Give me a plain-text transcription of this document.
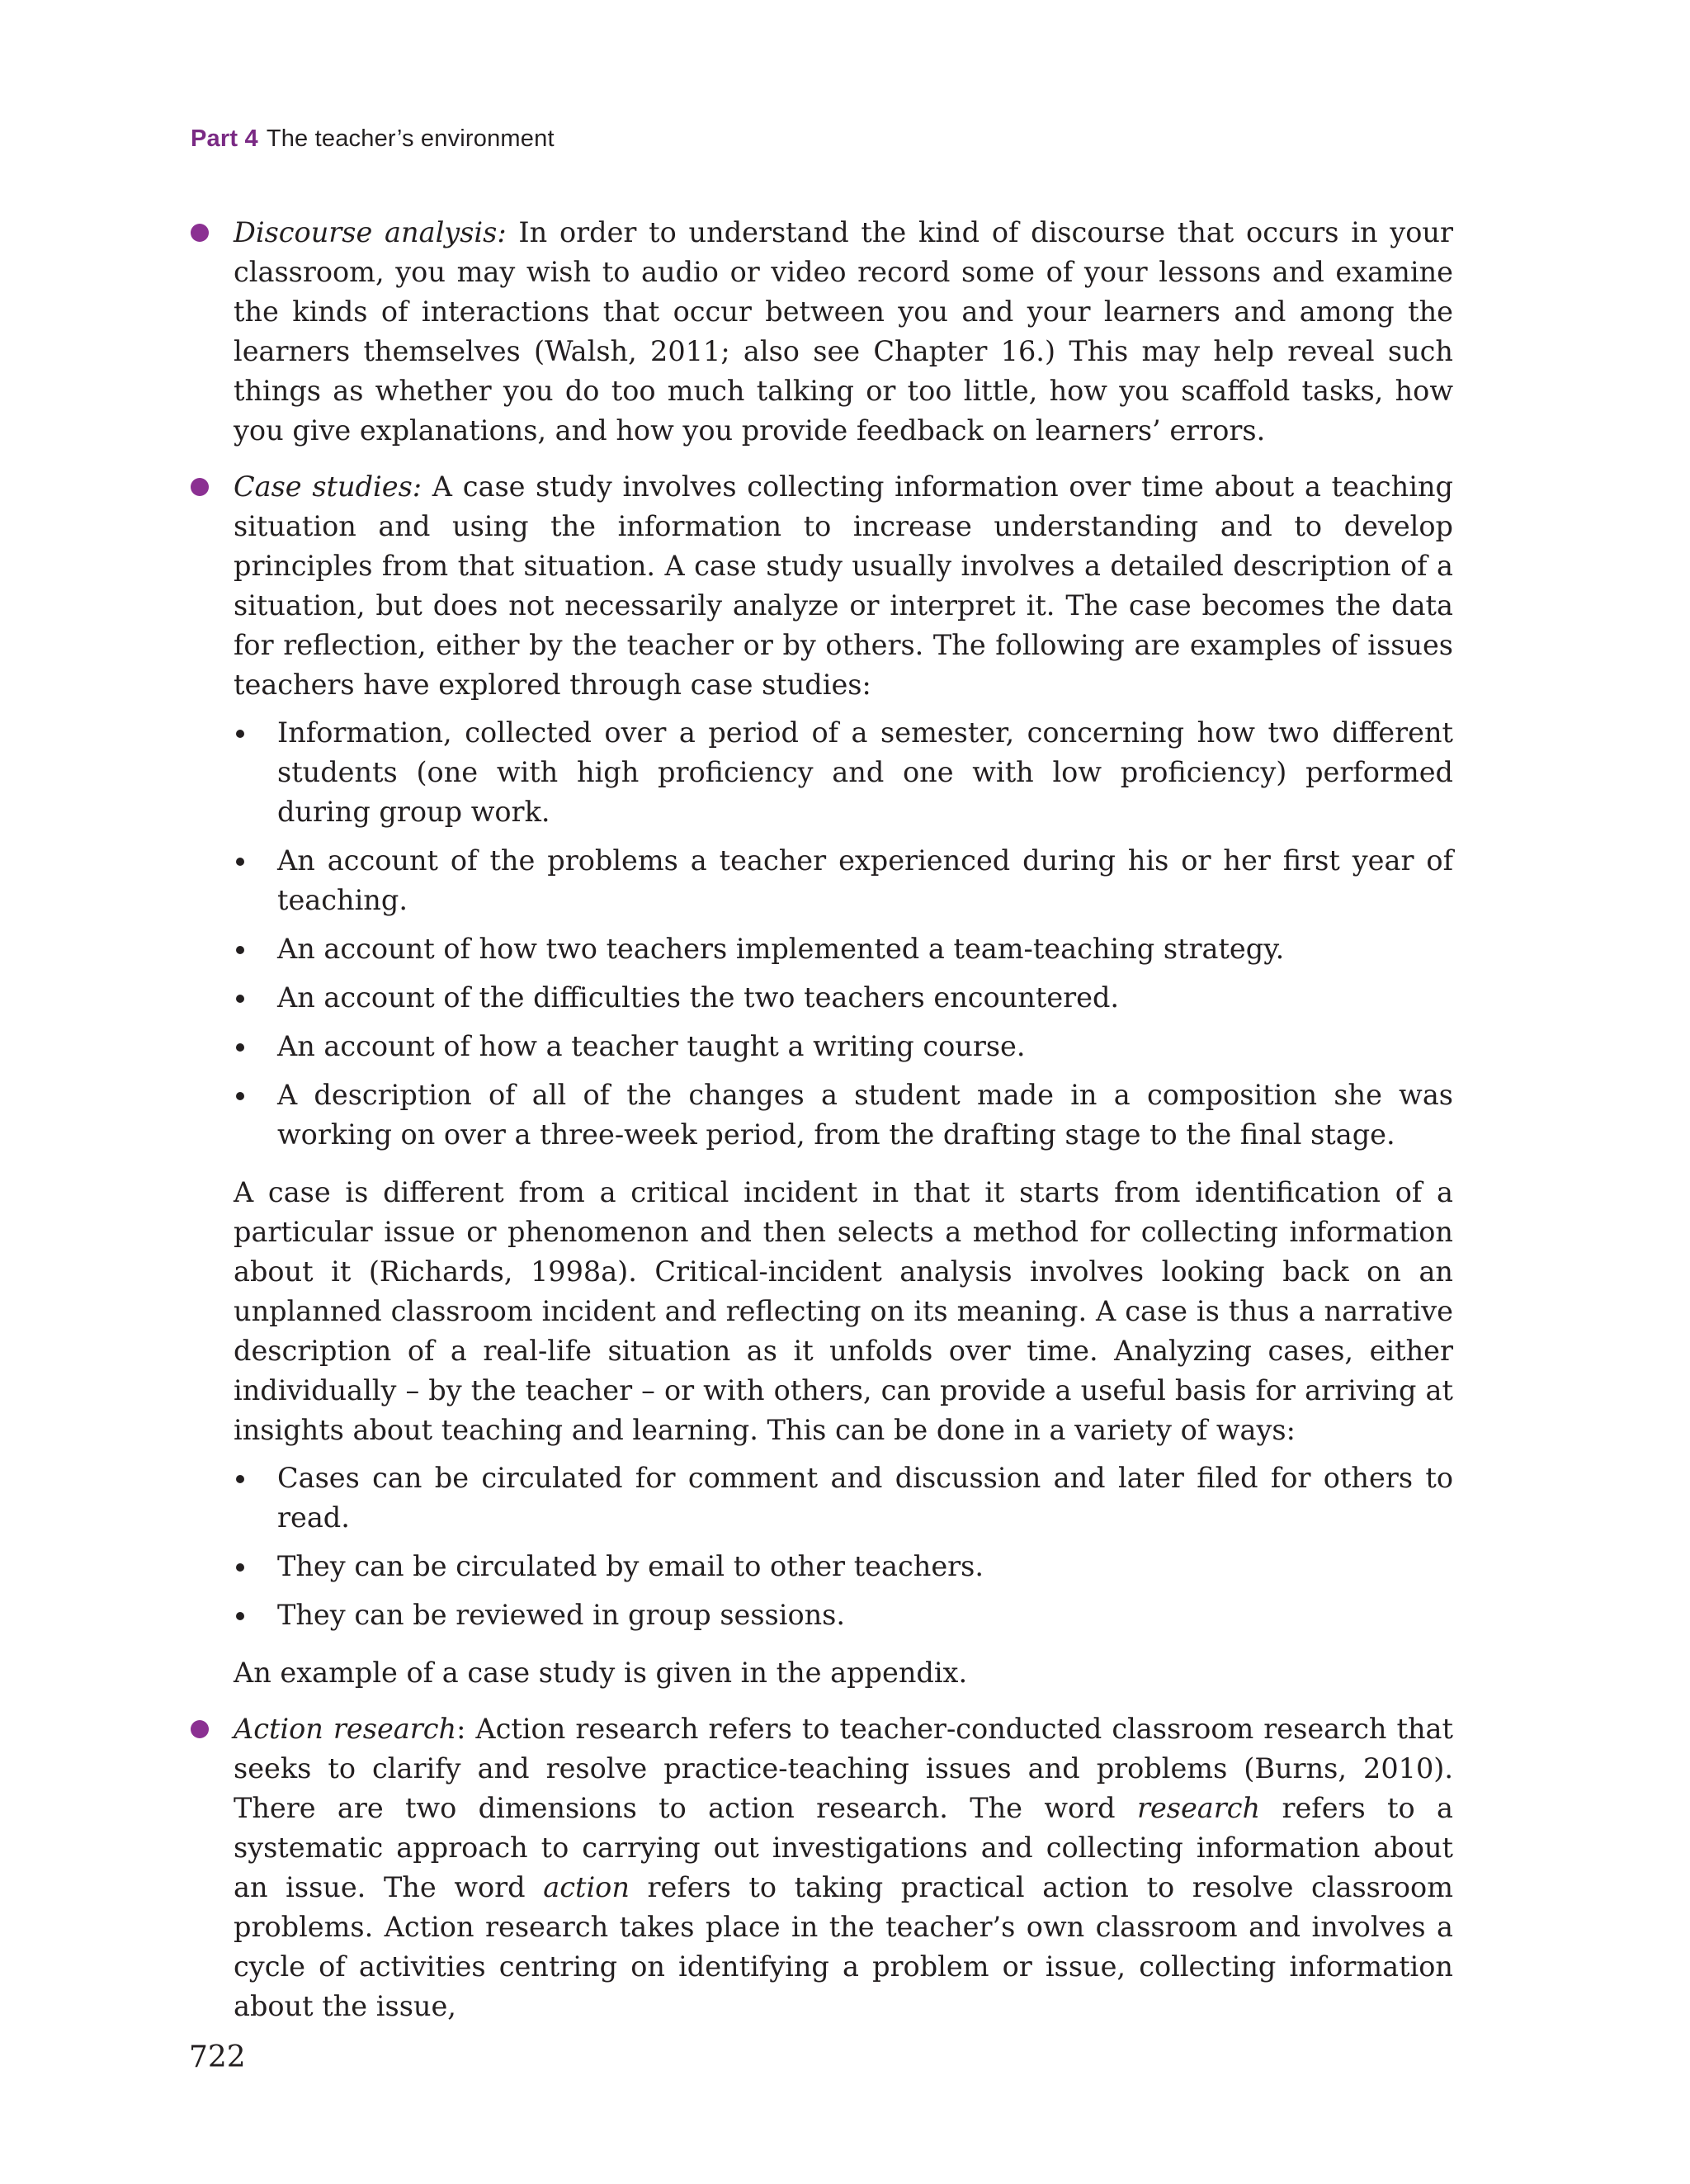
Part 4 The teacher’s environment

Discourse analysis: In order to understand the kind of discourse that occurs in your classroom, you may wish to audio or video record some of your lessons and examine the kinds of interactions that occur between you and your learners and among the learners themselves (Walsh, 2011; also see Chapter 16.) This may help reveal such things as whether you do too much talking or too little, how you scaffold tasks, how you give explanations, and how you provide feedback on learners’ errors.

Case studies: A case study involves collecting information over time about a teaching situation and using the information to increase understanding and to develop principles from that situation. A case study usually involves a detailed description of a situation, but does not necessarily analyze or interpret it. The case becomes the data for reflection, either by the teacher or by others. The following are examples of issues teachers have explored through case studies:

Information, collected over a period of a semester, concerning how two different students (one with high proficiency and one with low proficiency) performed during group work.
An account of the problems a teacher experienced during his or her first year of teaching.
An account of how two teachers implemented a team-teaching strategy.
An account of the difficulties the two teachers encountered.
An account of how a teacher taught a writing course.
A description of all of the changes a student made in a composition she was working on over a three-week period, from the drafting stage to the final stage.

A case is different from a critical incident in that it starts from identification of a particular issue or phenomenon and then selects a method for collecting information about it (Richards, 1998a). Critical-incident analysis involves looking back on an unplanned classroom incident and reflecting on its meaning. A case is thus a narrative description of a real-life situation as it unfolds over time. Analyzing cases, either individually – by the teacher – or with others, can provide a useful basis for arriving at insights about teaching and learning. This can be done in a variety of ways:

Cases can be circulated for comment and discussion and later filed for others to read.
They can be circulated by email to other teachers.
They can be reviewed in group sessions.

An example of a case study is given in the appendix.

Action research: Action research refers to teacher-conducted classroom research that seeks to clarify and resolve practice-teaching issues and problems (Burns, 2010). There are two dimensions to action research. The word research refers to a systematic approach to carrying out investigations and collecting information about an issue. The word action refers to taking practical action to resolve classroom problems. Action research takes place in the teacher’s own classroom and involves a cycle of activities centring on identifying a problem or issue, collecting information about the issue,

722
